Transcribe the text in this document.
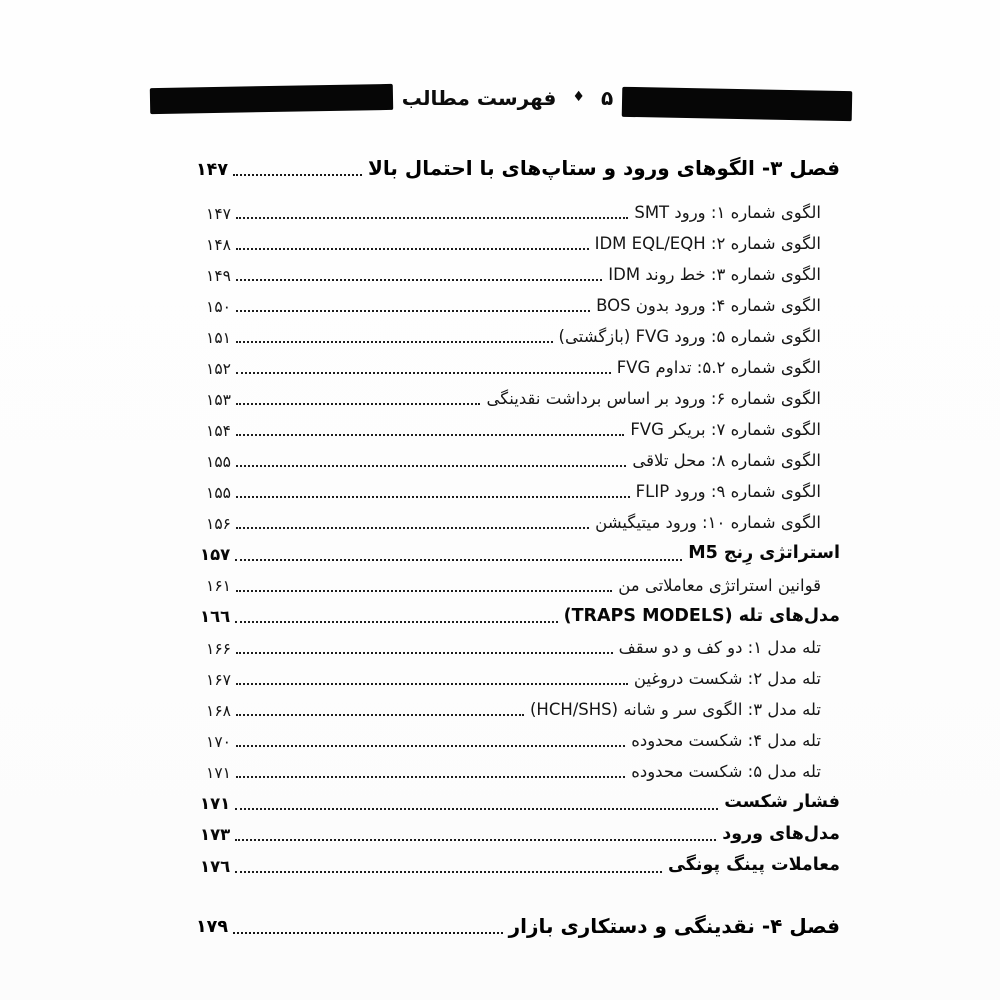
فهرست مطالب ♦ ۵
فصل ۳- الگوهای ورود و ستاپ‌های با احتمال بالا
۱۴۷
الگوی شماره ۱: ورود SMT
۱۴۷
الگوی شماره ۲: IDM EQL/EQH
۱۴۸
الگوی شماره ۳: خط روند IDM
۱۴۹
الگوی شماره ۴: ورود بدون BOS
۱۵۰
الگوی شماره ۵: ورود FVG (بازگشتی)
۱۵۱
الگوی شماره ۵.۲: تداوم FVG
۱۵۲
الگوی شماره ۶: ورود بر اساس برداشت نقدینگی
۱۵۳
الگوی شماره ۷: بریکر FVG
۱۵۴
الگوی شماره ۸: محل تلاقی
۱۵۵
الگوی شماره ۹: ورود FLIP
۱۵۵
الگوی شماره ۱۰: ورود میتیگیشن
۱۵۶
استراتژی رِنج M5
۱۵۷
قوانین استراتژی معاملاتی من
۱۶۱
مدل‌های تله (TRAPS MODELS)
۱٦٦
تله مدل ۱: دو کف و دو سقف
۱۶۶
تله مدل ۲: شکست دروغین
۱۶۷
تله مدل ۳: الگوی سر و شانه (HCH/SHS)
۱۶۸
تله مدل ۴: شکست محدوده
۱۷۰
تله مدل ۵: شکست محدوده
۱۷۱
فشار شکست
۱۷۱
مدل‌های ورود
۱۷۳
معاملات پینگ پونگی
۱۷٦
فصل ۴- نقدینگی و دستکاری بازار
۱۷۹
